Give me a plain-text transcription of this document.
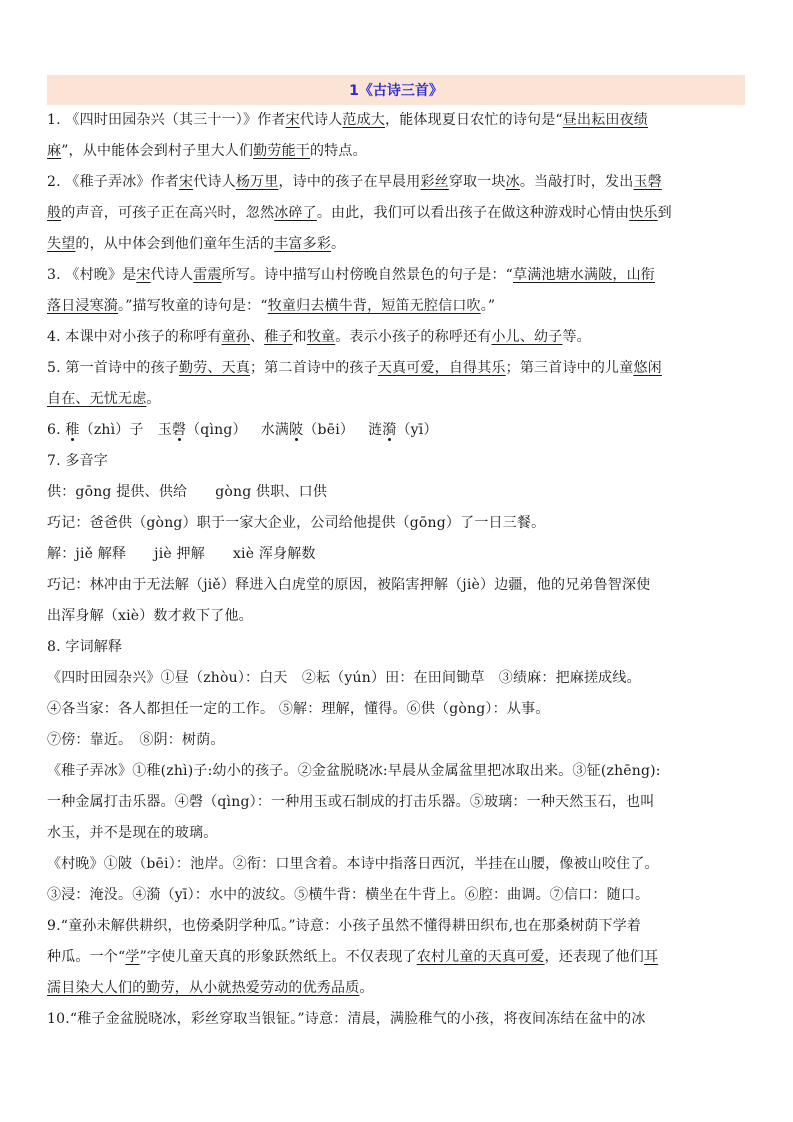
1《古诗三首》
1. 《四时田园杂兴（其三十一）》作者宋代诗人范成大，能体现夏日农忙的诗句是“昼出耘田夜绩
麻”，从中能体会到村子里大人们勤劳能干的特点。
2. 《稚子弄冰》作者宋代诗人杨万里，诗中的孩子在早晨用彩丝穿取一块冰。当敲打时，发出玉磬
般的声音，可孩子正在高兴时，忽然冰碎了。由此，我们可以看出孩子在做这种游戏时心情由快乐到
失望的，从中体会到他们童年生活的丰富多彩。
3. 《村晚》是宋代诗人雷震所写。诗中描写山村傍晚自然景色的句子是：“草满池塘水满陂，山衔
落日浸寒漪。”描写牧童的诗句是：“牧童归去横牛背，短笛无腔信口吹。”
4. 本课中对小孩子的称呼有童孙、稚子和牧童。表示小孩子的称呼还有小儿、幼子等。
5. 第一首诗中的孩子勤劳、天真；第二首诗中的孩子天真可爱，自得其乐；第三首诗中的儿童悠闲
自在、无忧无虑。
6. 稚（zhì）子 玉磬（qìng） 水满陂（bēi） 涟漪（yī）
7. 多音字
供：gōng 提供、供给 gòng 供职、口供
巧记：爸爸供（gòng）职于一家大企业，公司给他提供（gōng）了一日三餐。
解：jiě 解释 jiè 押解 xiè 浑身解数
巧记：林冲由于无法解（jiě）释进入白虎堂的原因，被陷害押解（jiè）边疆，他的兄弟鲁智深使
出浑身解（xiè）数才救下了他。
8. 字词解释
《四时田园杂兴》①昼（zhòu）：白天　②耘（yún）田：在田间锄草　③绩麻：把麻搓成线。
④各当家：各人都担任一定的工作。 ⑤解：理解，懂得。⑥供（gòng）：从事。
⑦傍：靠近。　⑧阴：树荫。
《稚子弄冰》①稚(zhì)子:幼小的孩子。②金盆脱晓冰:早晨从金属盆里把冰取出来。③钲(zhēng):
一种金属打击乐器。④磬（qìng）：一种用玉或石制成的打击乐器。⑤玻璃：一种天然玉石，也叫
水玉，并不是现在的玻璃。
《村晚》①陂（bēi）：池岸。②衔：口里含着。本诗中指落日西沉，半挂在山腰，像被山咬住了。
③浸：淹没。④漪（yī）：水中的波纹。⑤横牛背：横坐在牛背上。⑥腔：曲调。⑦信口：随口。
9.“童孙未解供耕织，也傍桑阴学种瓜。”诗意：小孩子虽然不懂得耕田织布,也在那桑树荫下学着
种瓜。一个“学”字使儿童天真的形象跃然纸上。不仅表现了农村儿童的天真可爱，还表现了他们耳
濡目染大人们的勤劳，从小就热爱劳动的优秀品质。
10.“稚子金盆脱晓冰，彩丝穿取当银钲。”诗意：清晨，满脸稚气的小孩，将夜间冻结在盆中的冰
